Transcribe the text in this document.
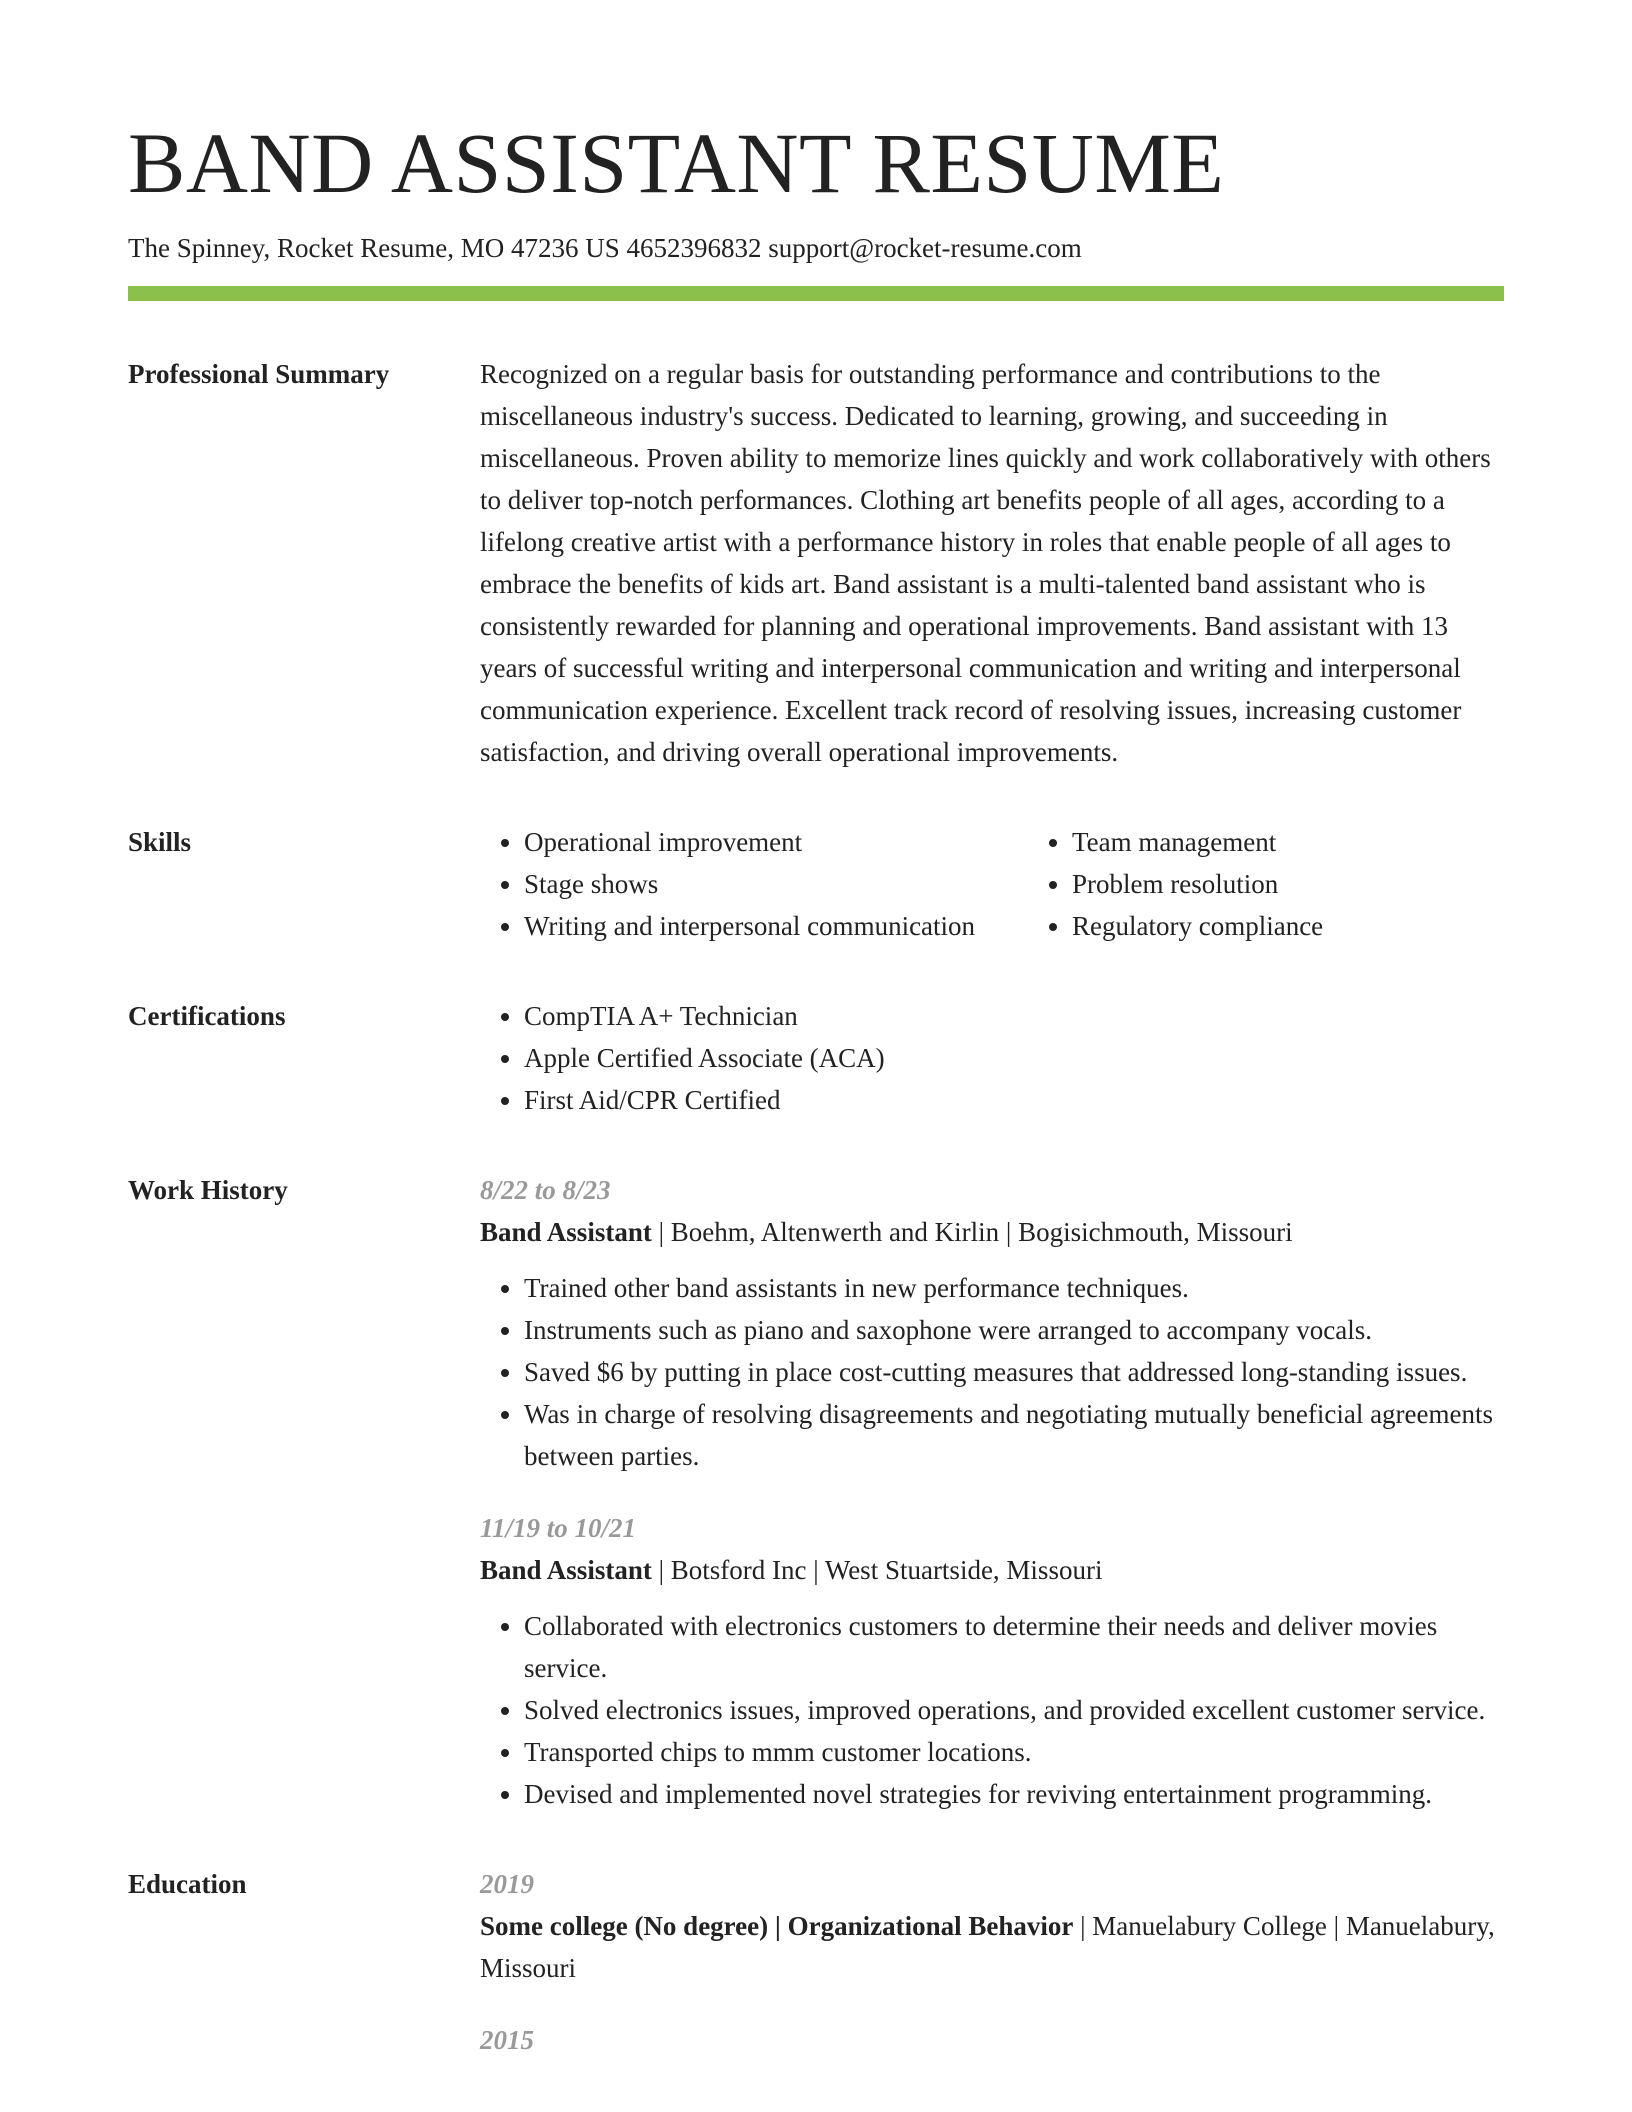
BAND ASSISTANT RESUME
The Spinney, Rocket Resume, MO 47236 US 4652396832 support@rocket-resume.com
Professional Summary	Recognized on a regular basis for outstanding performance and contributions to the miscellaneous industry's success. Dedicated to learning, growing, and succeeding in miscellaneous. Proven ability to memorize lines quickly and work collaboratively with others to deliver top-notch performances. Clothing art benefits people of all ages, according to a lifelong creative artist with a performance history in roles that enable people of all ages to embrace the benefits of kids art. Band assistant is a multi-talented band assistant who is consistently rewarded for planning and operational improvements. Band assistant with 13 years of successful writing and interpersonal communication and writing and interpersonal communication experience. Excellent track record of resolving issues, increasing customer satisfaction, and driving overall operational improvements.

Skills	• Operational improvement
• Stage shows
• Writing and interpersonal communication
• Team management
• Problem resolution
• Regulatory compliance
Certifications	• CompTIA A+ Technician
• Apple Certified Associate (ACA)
• First Aid/CPR Certified
Work History	8/22 to 8/23
Band Assistant | Boehm, Altenwerth and Kirlin | Bogisichmouth, Missouri
• Trained other band assistants in new performance techniques.
• Instruments such as piano and saxophone were arranged to accompany vocals.
• Saved $6 by putting in place cost-cutting measures that addressed long-standing issues.
• Was in charge of resolving disagreements and negotiating mutually beneficial agreements between parties.
11/19 to 10/21
Band Assistant | Botsford Inc | West Stuartside, Missouri
• Collaborated with electronics customers to determine their needs and deliver movies service.
• Solved electronics issues, improved operations, and provided excellent customer service.
• Transported chips to mmm customer locations.
• Devised and implemented novel strategies for reviving entertainment programming.
Education	2019
Some college (No degree) | Organizational Behavior | Manuelabury College | Manuelabury, Missouri
2015
